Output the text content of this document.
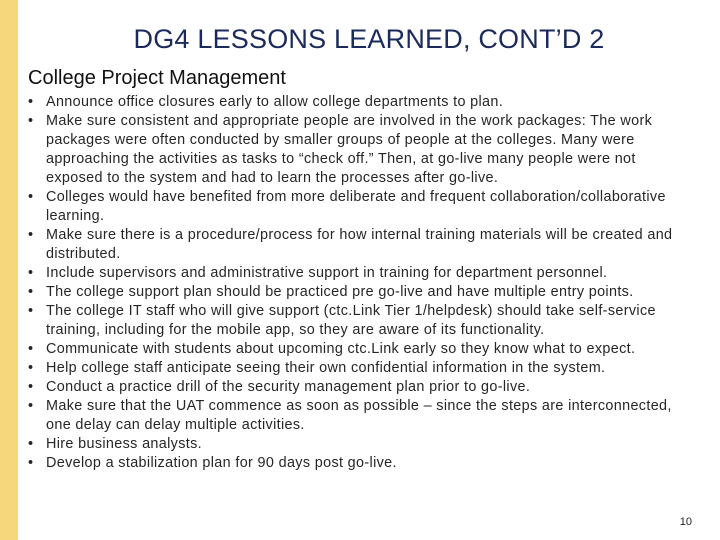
DG4 LESSONS LEARNED, CONT’D 2
College Project Management
• Announce office closures early to allow college departments to plan.
• Make sure consistent and appropriate people are involved in the work packages: The work packages were often conducted by smaller groups of people at the colleges. Many were approaching the activities as tasks to “check off.” Then, at go-live many people were not exposed to the system and had to learn the processes after go-live.
• Colleges would have benefited from more deliberate and frequent collaboration/collaborative learning.
• Make sure there is a procedure/process for how internal training materials will be created and distributed.
• Include supervisors and administrative support in training for department personnel.
• The college support plan should be practiced pre go-live and have multiple entry points.
• The college IT staff who will give support (ctc.Link Tier 1/helpdesk) should take self-service training, including for the mobile app, so they are aware of its functionality.
• Communicate with students about upcoming ctc.Link early so they know what to expect.
• Help college staff anticipate seeing their own confidential information in the system.
• Conduct a practice drill of the security management plan prior to go-live.
• Make sure that the UAT commence as soon as possible – since the steps are interconnected, one delay can delay multiple activities.
• Hire business analysts.
• Develop a stabilization plan for 90 days post go-live.
10
